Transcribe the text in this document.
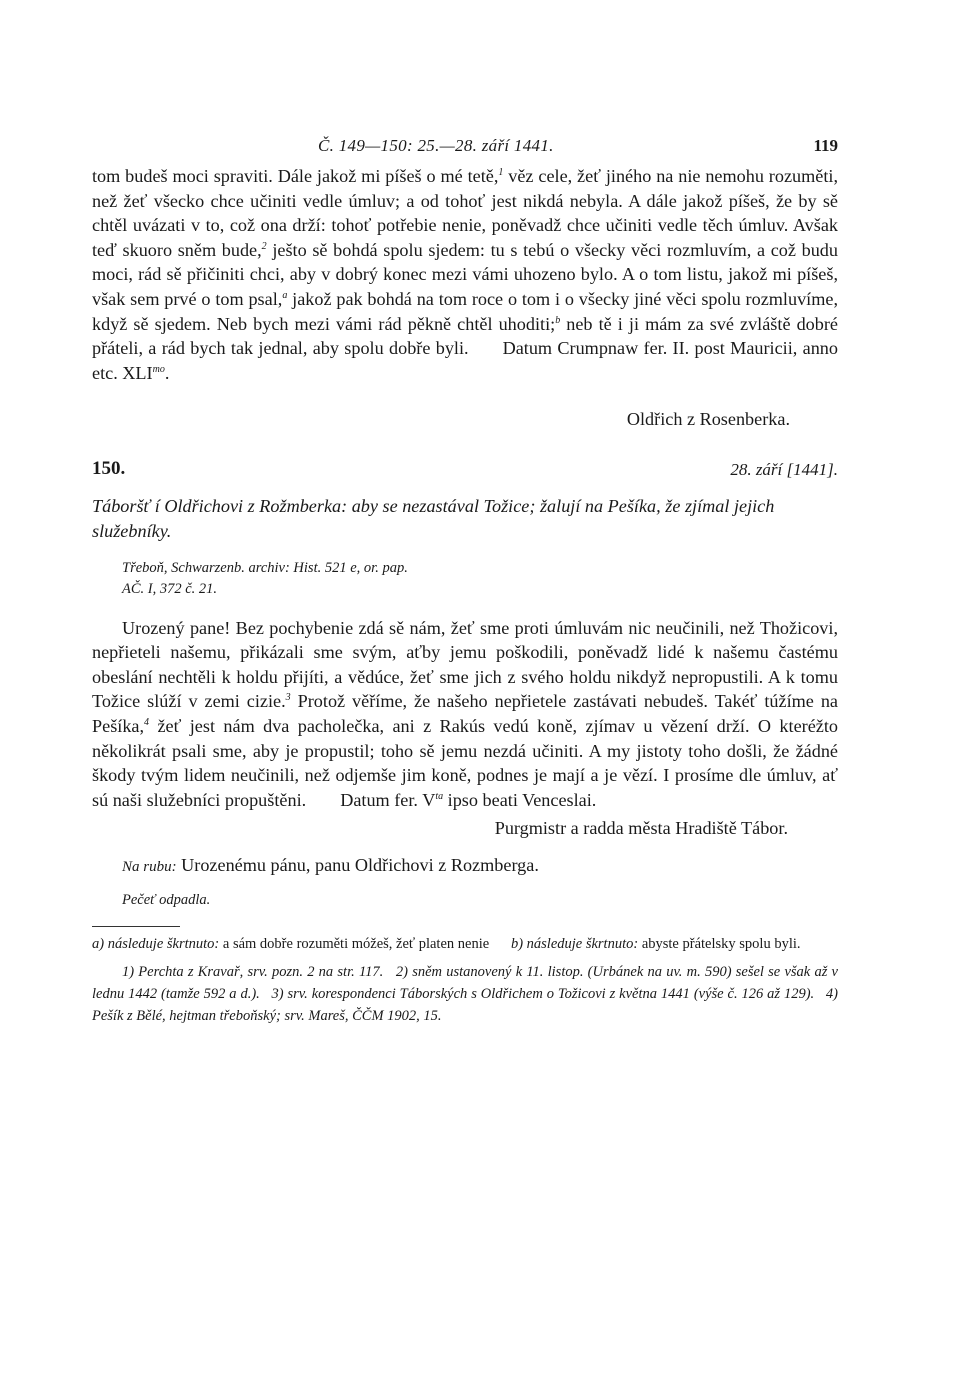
Č. 149—150: 25.—28. září 1441.	119

tom budeš moci spraviti. Dále jakož mi píšeš o mé tetě,$^1$ věz cele, žeť jiného na nie nemohu rozuměti, než žeť všecko chce učiniti vedle úmluv; a od tohoť jest nikdá nebyla. A dále jakož píšeš, že by sě chtěl uvázati v to, což ona drží: tohoť potřebie nenie, poněvadž chce učiniti vedle těch úmluv. Avšak teď skuoro sněm bude,$^2$ ješto sě bohdá spolu sjedem: tu s tebú o všecky věci rozmluvím, a což budu moci, rád sě přičiniti chci, aby v dobrý konec mezi vámi uhozeno bylo. A o tom listu, jakož mi píšeš, však sem prvé o tom psal,$^a$ jakož pak bohdá na tom roce o tom i o všecky jiné věci spolu rozmluvíme, když sě sjedem. Neb bych mezi vámi rád pěkně chtěl uhoditi;$^b$ neb tě i ji mám za své zvláště dobré přáteli, a rád bych tak jednal, aby spolu dobře byli. Datum Crumpnaw fer. II. post Mauricii, anno etc. $XLI^{mo}$.

Oldřich z Rosenberka.
150.	28. září [1441].
Táboršť í Oldřichovi z Rožmberka: aby se nezastával Tožice; žalují na Pešíka, že zjímal jejich služebníky.
Třeboň, Schwarzenb. archiv: Hist. 521 e, or. pap.
AČ. I, 372 č. 21.
Urozený pane! Bez pochybenie zdá sě nám, žeť sme proti úmluvám nic neučinili, než Thožicovi, nepřieteli našemu, přikázali sme svým, aťby jemu poškodili, poněvadž lidé k našemu častému obeslání nechtěli k holdu přijíti, a vědúce, žeť sme jich z svého holdu nikdyž nepropustili. A k tomu Tožice slúží v zemi cizie.$^3$ Protož věříme, že našeho nepřietele zastávati nebudeš. Takéť túžíme na Pešíka,$^4$ žeť jest nám dva pacholečka, ani z Rakús vedú koně, zjímav u vězení drží. O kteréžto několikrát psali sme, aby je propustil; toho sě jemu nezdá učiniti. A my jistoty toho došli, že žádné škody tvým lidem neučinili, než odjemše jim koně, podnes je mají a je vězí. I prosíme dle úmluv, ať sú naši služebníci propuštěni. Datum fer. $V^{ta}$ ipso beati Venceslai.
Purgmistr a radda města Hradiště Tábor.
Na rubu: Urozenému pánu, panu Oldřichovi z Rozmberga.
Pečeť odpadla.

a) následuje škrtnuto: a sám dobře rozuměti móžeš, žeť platen nenie b) následuje škrtnuto: abyste přátelsky spolu byli.

1) Perchta z Kravař, srv. pozn. 2 na str. 117. 2) sněm ustanovený k 11. listop. (Urbánek na uv. m. 590) sešel se však až v lednu 1442 (tamže 592 a d.). 3) srv. korespondenci Táborských s Oldřichem o Tožicovi z května 1441 (výše č. 126 až 129). 4) Pešík z Bělé, hejtman třeboňský; srv. Mareš, ČČM 1902, 15.
